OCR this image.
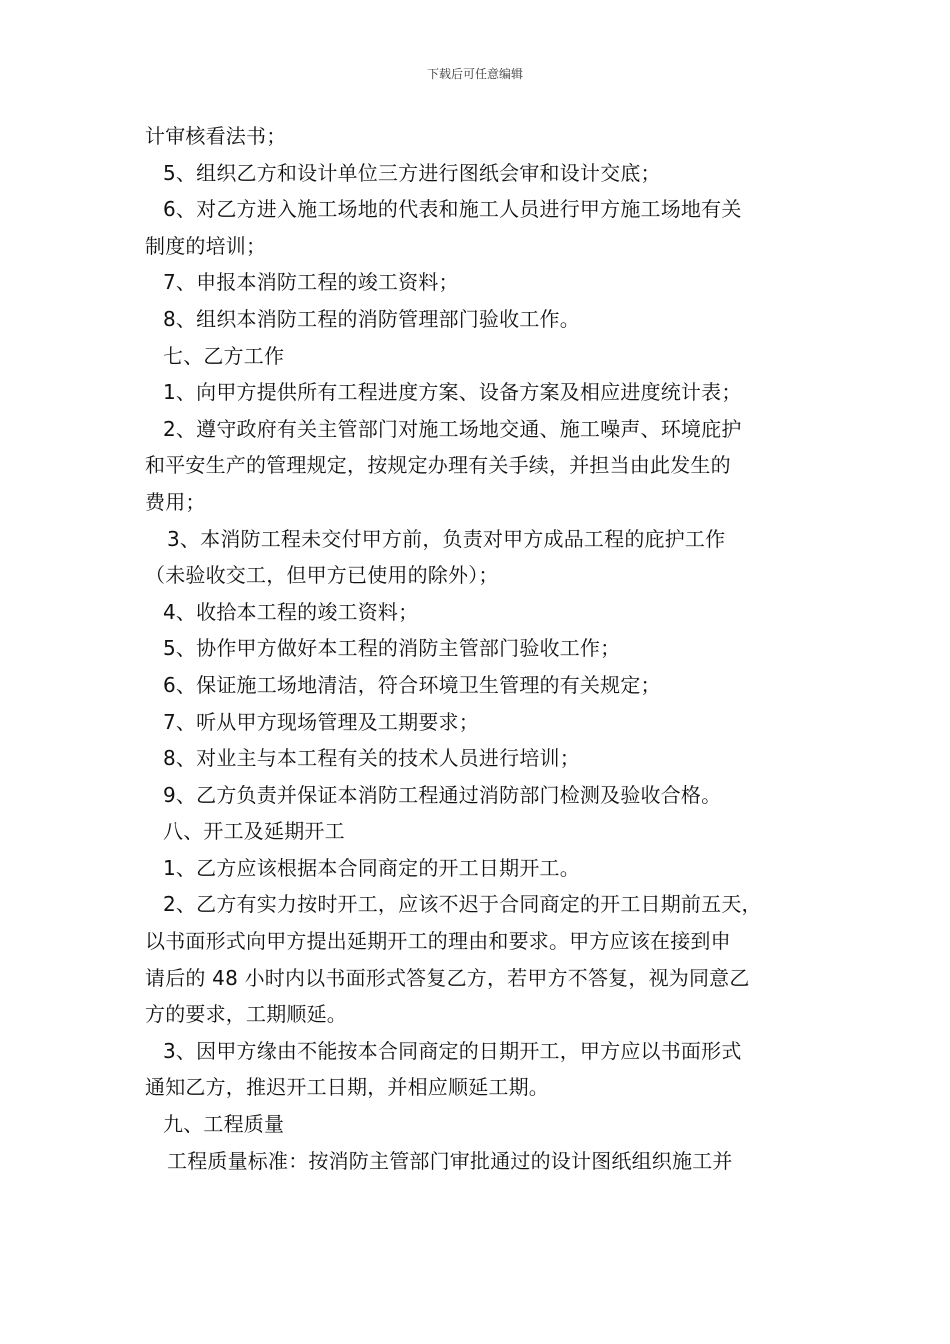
下载后可任意编辑
计审核看法书；
5、组织乙方和设计单位三方进行图纸会审和设计交底；
6、对乙方进入施工场地的代表和施工人员进行甲方施工场地有关
制度的培训；
7、申报本消防工程的竣工资料；
8、组织本消防工程的消防管理部门验收工作。
七、乙方工作
1、向甲方提供所有工程进度方案、设备方案及相应进度统计表；
2、遵守政府有关主管部门对施工场地交通、施工噪声、环境庇护
和平安生产的管理规定，按规定办理有关手续，并担当由此发生的
费用；
3、本消防工程未交付甲方前，负责对甲方成品工程的庇护工作
（未验收交工，但甲方已使用的除外）；
4、收拾本工程的竣工资料；
5、协作甲方做好本工程的消防主管部门验收工作；
6、保证施工场地清洁，符合环境卫生管理的有关规定；
7、听从甲方现场管理及工期要求；
8、对业主与本工程有关的技术人员进行培训；
9、乙方负责并保证本消防工程通过消防部门检测及验收合格。
八、开工及延期开工
1、乙方应该根据本合同商定的开工日期开工。
2、乙方有实力按时开工，应该不迟于合同商定的开工日期前五天，
以书面形式向甲方提出延期开工的理由和要求。甲方应该在接到申
请后的 48 小时内以书面形式答复乙方，若甲方不答复，视为同意乙
方的要求，工期顺延。
3、因甲方缘由不能按本合同商定的日期开工，甲方应以书面形式
通知乙方，推迟开工日期，并相应顺延工期。
九、工程质量
工程质量标准：按消防主管部门审批通过的设计图纸组织施工并
